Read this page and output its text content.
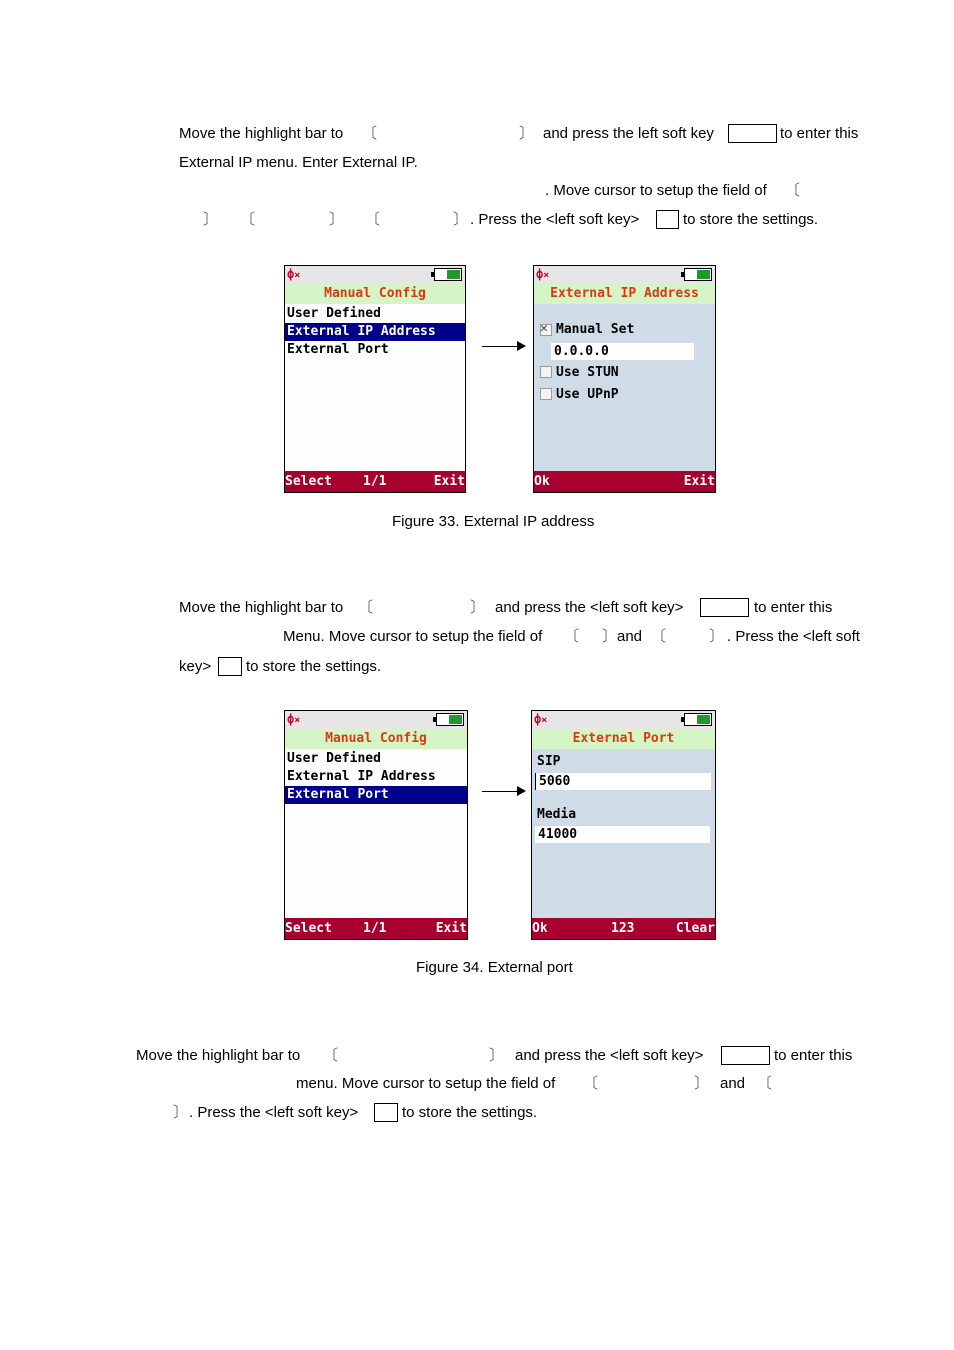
Move the highlight bar to 〔	〕 and press the left soft key	to enter this
External IP menu. Enter External IP.
. Move cursor to setup the field of 〔
〕 〔	〕 〔	〕 . Press the <left soft key>	to store the settings.
ф×
Manual Config
User Defined
External IP Address
External Port
Select 1/1	Exit
ф×
External IP Address
✕
Manual Set
0.0.0.0
Use STUN
Use UPnP
Ok	Exit
Figure 33. External IP address
Move the highlight bar to 〔	〕 and press the <left soft key>	to enter this
Menu. Move cursor to setup the field of 〔 〕 and 〔	〕 . Press the <left soft
key> to store the settings.
ф×
Manual Config
User Defined
External IP Address
External Port
Select 1/1	Exit
ф×
External Port
SIP
5060
Media
41000
Ok	123	Clear
Figure 34. External port
Move the highlight bar to 〔	〕 and press the <left soft key>	to enter this
menu. Move cursor to setup the field of 〔	〕 and 〔
〕 . Press the <left soft key>	to store the settings.
